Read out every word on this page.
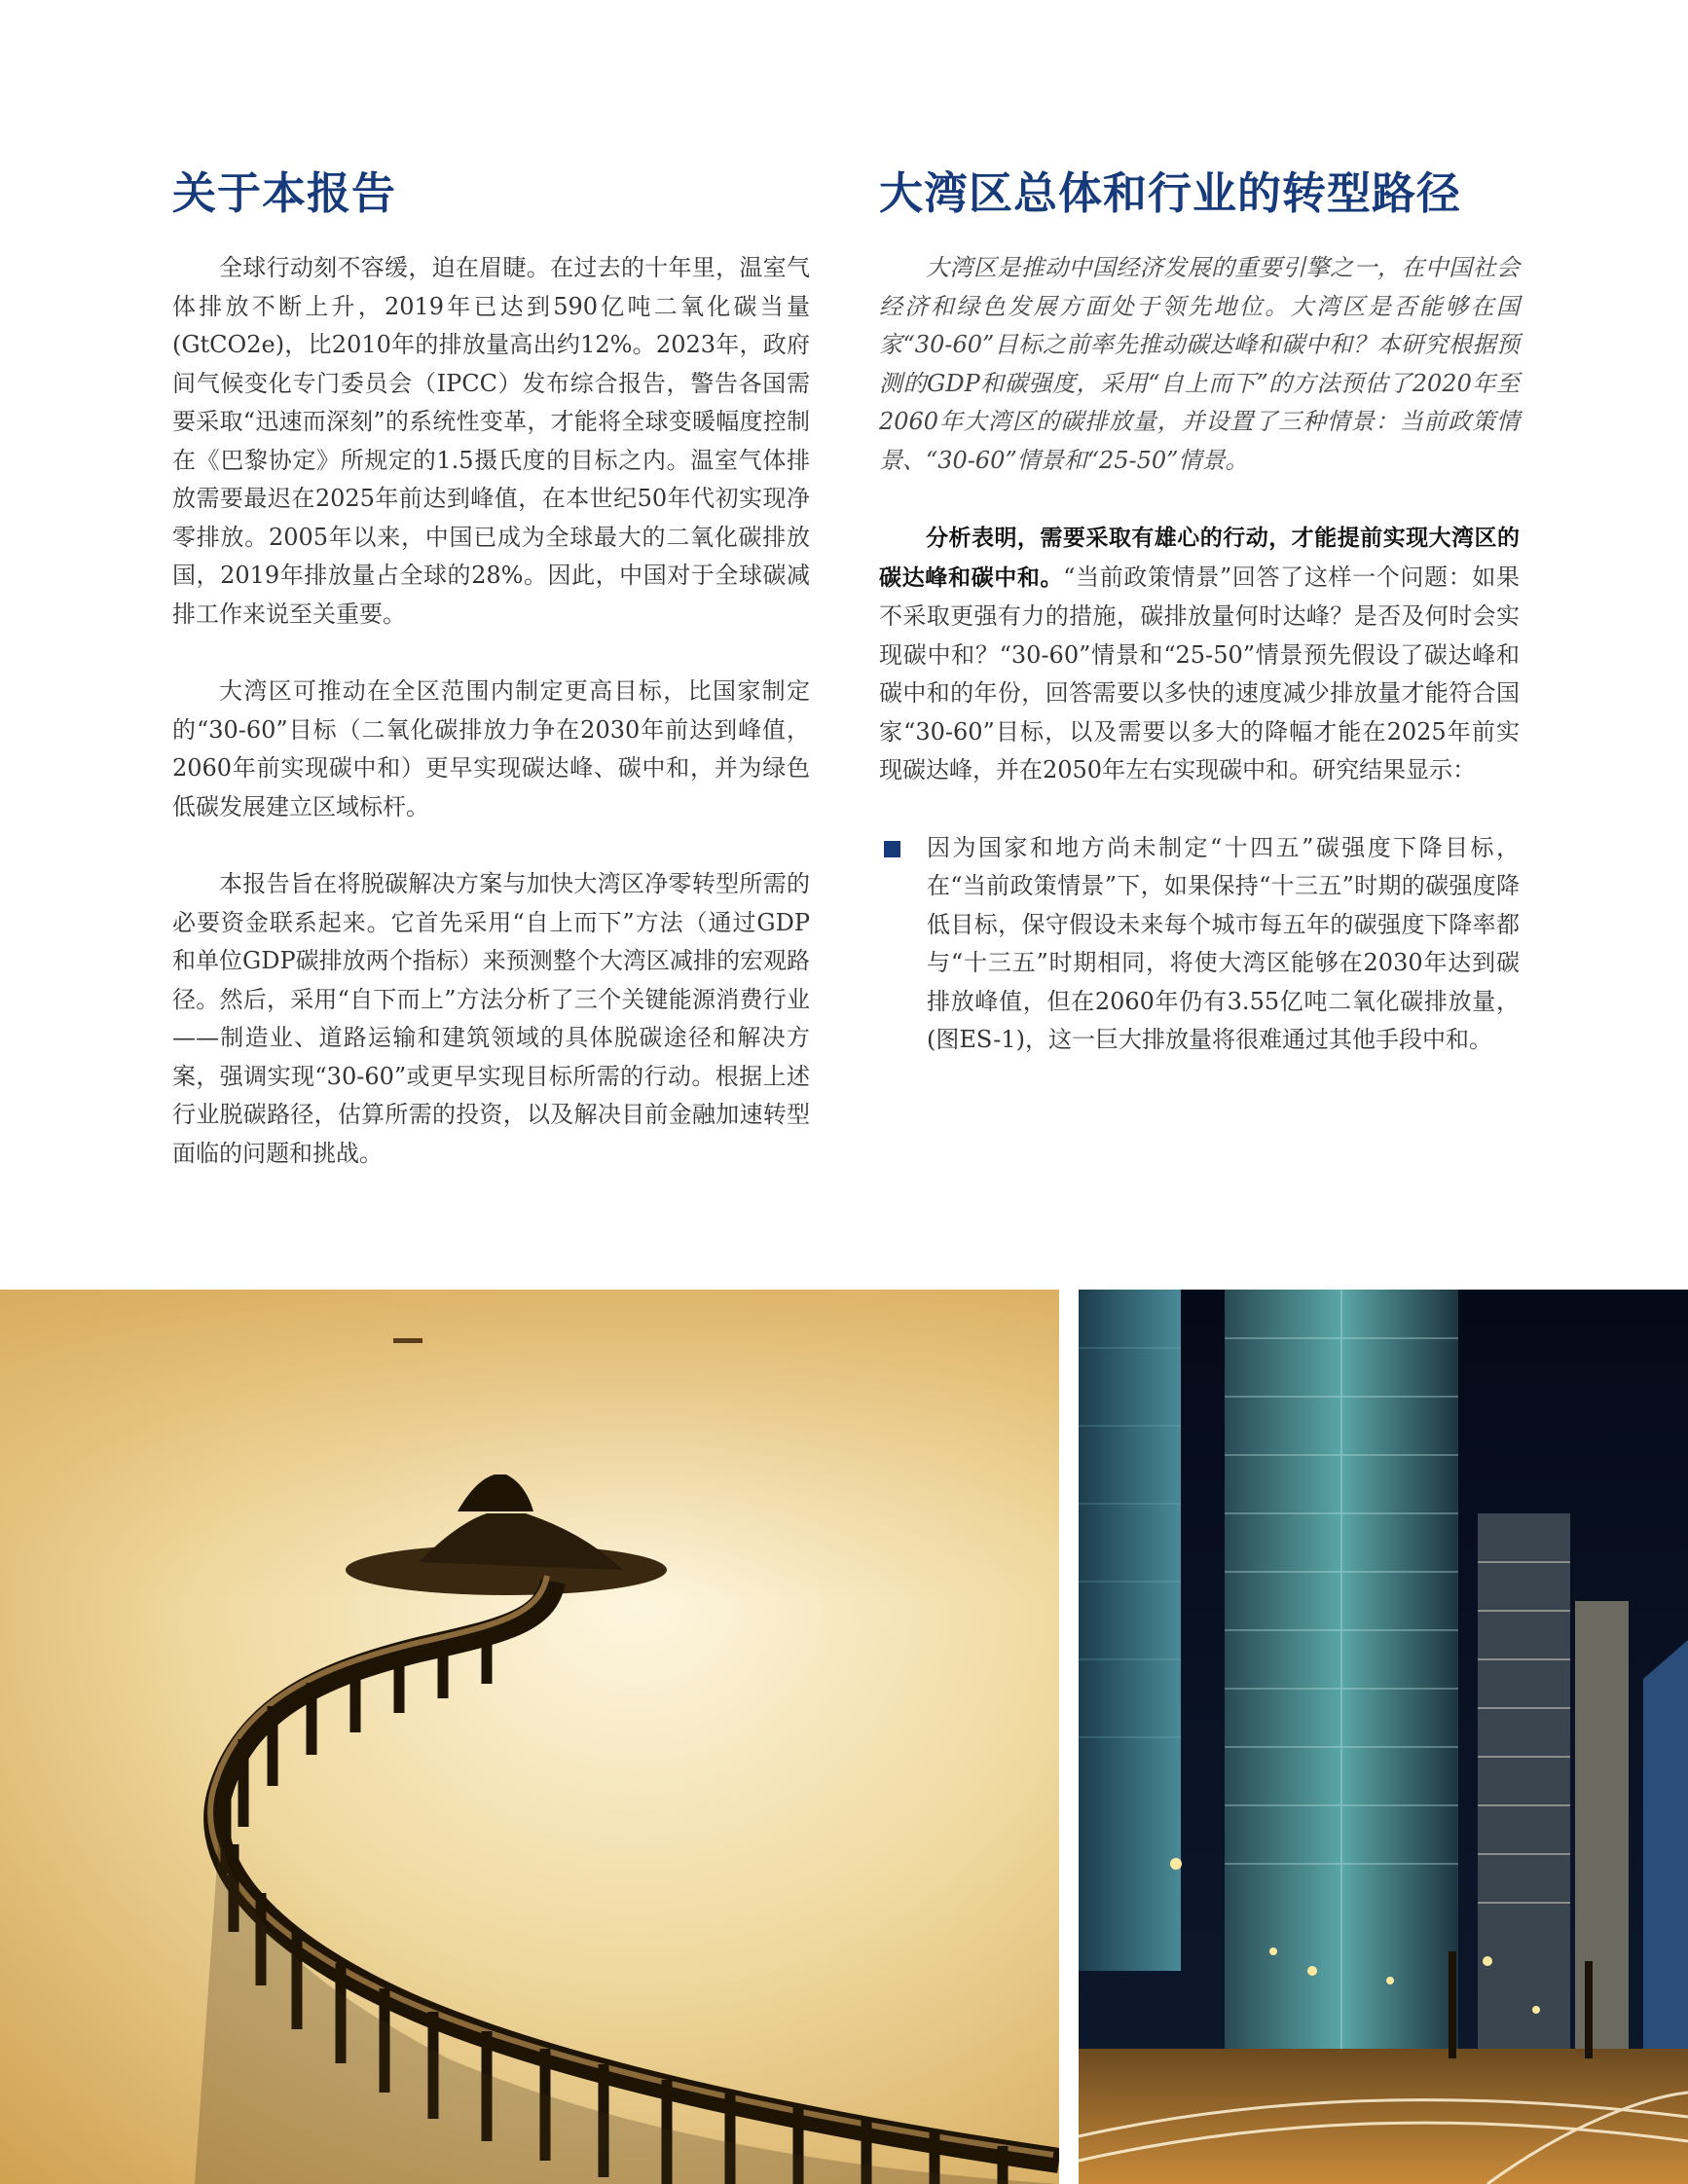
关于本报告

全球行动刻不容缓，迫在眉睫。在过去的十年里，温室气体排放不断上升，2019年已达到590亿吨二氧化碳当量(GtCO2e)，比2010年的排放量高出约12%。2023年，政府间气候变化专门委员会（IPCC）发布综合报告，警告各国需要采取“迅速而深刻”的系统性变革，才能将全球变暖幅度控制在《巴黎协定》所规定的1.5摄氏度的目标之内。温室气体排放需要最迟在2025年前达到峰值，在本世纪50年代初实现净零排放。2005年以来，中国已成为全球最大的二氧化碳排放国，2019年排放量占全球的28%。因此，中国对于全球碳减排工作来说至关重要。

大湾区可推动在全区范围内制定更高目标，比国家制定的“30-60”目标（二氧化碳排放力争在2030年前达到峰值，2060年前实现碳中和）更早实现碳达峰、碳中和，并为绿色低碳发展建立区域标杆。

本报告旨在将脱碳解决方案与加快大湾区净零转型所需的必要资金联系起来。它首先采用“自上而下”方法（通过GDP和单位GDP碳排放两个指标）来预测整个大湾区减排的宏观路径。然后，采用“自下而上”方法分析了三个关键能源消费行业——制造业、道路运输和建筑领域的具体脱碳途径和解决方案，强调实现“30-60”或更早实现目标所需的行动。根据上述行业脱碳路径，估算所需的投资，以及解决目前金融加速转型面临的问题和挑战。

大湾区总体和行业的转型路径

大湾区是推动中国经济发展的重要引擎之一，在中国社会经济和绿色发展方面处于领先地位。大湾区是否能够在国家“30-60”目标之前率先推动碳达峰和碳中和？本研究根据预测的GDP和碳强度，采用“自上而下”的方法预估了2020年至2060年大湾区的碳排放量，并设置了三种情景：当前政策情景、“30-60”情景和“25-50”情景。

分析表明，需要采取有雄心的行动，才能提前实现大湾区的碳达峰和碳中和。“当前政策情景”回答了这样一个问题：如果不采取更强有力的措施，碳排放量何时达峰？是否及何时会实现碳中和？“30-60”情景和“25-50”情景预先假设了碳达峰和碳中和的年份，回答需要以多快的速度减少排放量才能符合国家“30-60”目标，以及需要以多大的降幅才能在2025年前实现碳达峰，并在2050年左右实现碳中和。研究结果显示：

因为国家和地方尚未制定“十四五”碳强度下降目标，在“当前政策情景”下，如果保持“十三五”时期的碳强度降低目标，保守假设未来每个城市每五年的碳强度下降率都与“十三五”时期相同，将使大湾区能够在2030年达到碳排放峰值，但在2060年仍有3.55亿吨二氧化碳排放量，(图ES-1)，这一巨大排放量将很难通过其他手段中和。
